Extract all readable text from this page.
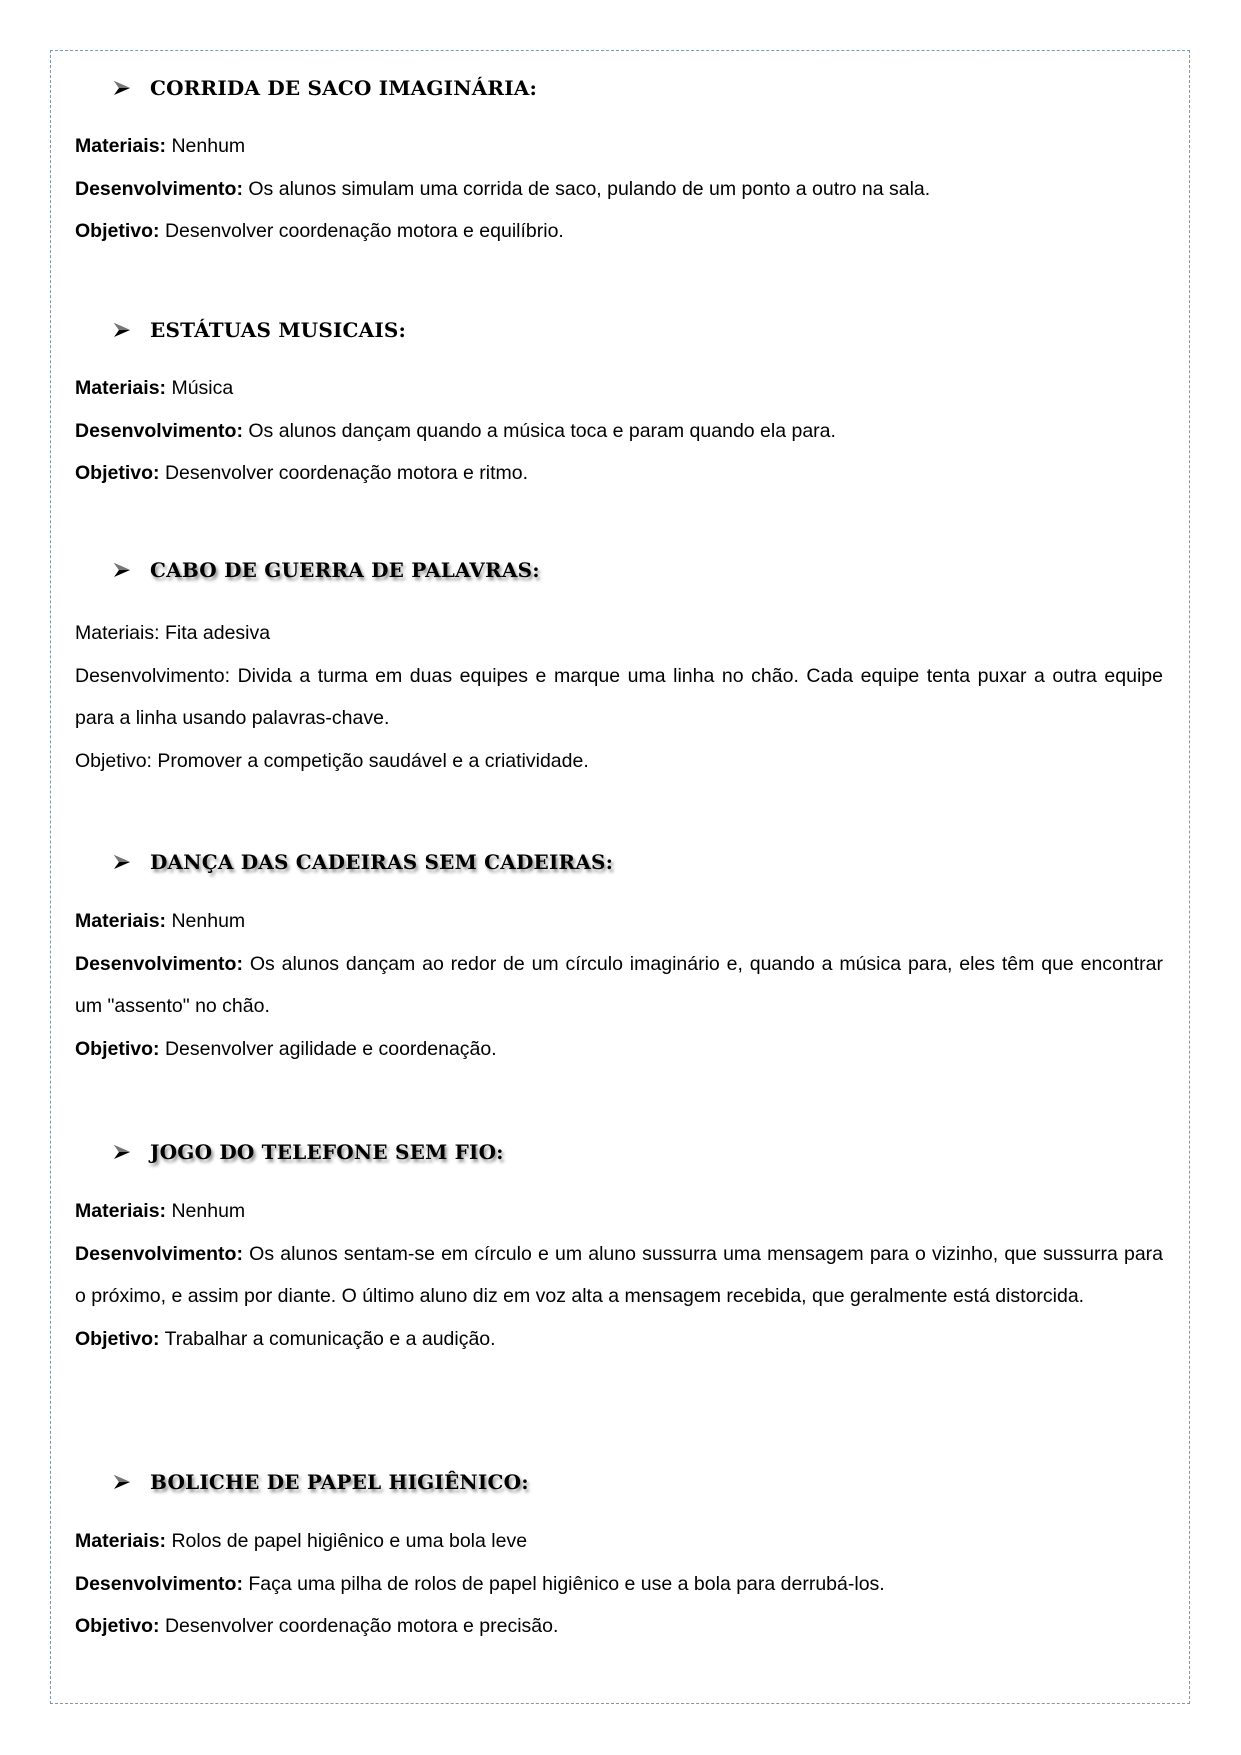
CORRIDA DE SACO IMAGINÁRIA:

Materiais: Nenhum

Desenvolvimento: Os alunos simulam uma corrida de saco, pulando de um ponto a outro na sala.

Objetivo: Desenvolver coordenação motora e equilíbrio.

ESTÁTUAS MUSICAIS:

Materiais: Música

Desenvolvimento: Os alunos dançam quando a música toca e param quando ela para.

Objetivo: Desenvolver coordenação motora e ritmo.

CABO DE GUERRA DE PALAVRAS:

Materiais: Fita adesiva

Desenvolvimento: Divida a turma em duas equipes e marque uma linha no chão. Cada equipe tenta puxar a outra equipe para a linha usando palavras-chave.

Objetivo: Promover a competição saudável e a criatividade.

DANÇA DAS CADEIRAS SEM CADEIRAS:

Materiais: Nenhum

Desenvolvimento: Os alunos dançam ao redor de um círculo imaginário e, quando a música para, eles têm que encontrar um "assento" no chão.

Objetivo: Desenvolver agilidade e coordenação.

JOGO DO TELEFONE SEM FIO:

Materiais: Nenhum

Desenvolvimento: Os alunos sentam-se em círculo e um aluno sussurra uma mensagem para o vizinho, que sussurra para o próximo, e assim por diante. O último aluno diz em voz alta a mensagem recebida, que geralmente está distorcida.

Objetivo: Trabalhar a comunicação e a audição.

BOLICHE DE PAPEL HIGIÊNICO:

Materiais: Rolos de papel higiênico e uma bola leve

Desenvolvimento: Faça uma pilha de rolos de papel higiênico e use a bola para derrubá-los.

Objetivo: Desenvolver coordenação motora e precisão.
